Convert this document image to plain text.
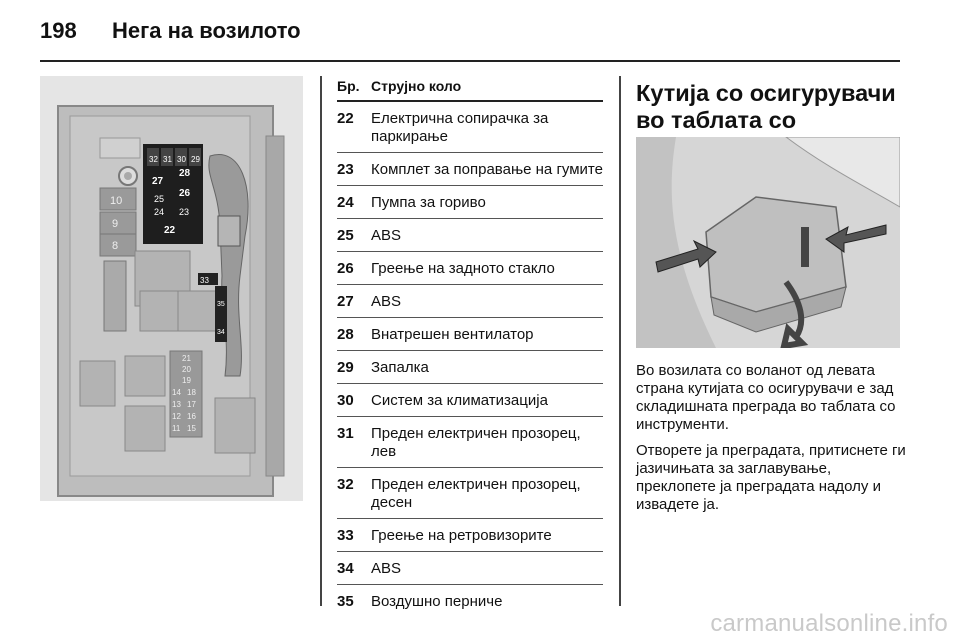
198	Нега на возилото
10
9
8
32 31 30 29
27
28
26
25
24 23
22
33
35
34
21
20
19
18
17
16
15
14
13
12
11
Бр. Струјно коло
22	Електрична сопирачка за паркирање
23	Комплет за поправање на гумите
24	Пумпа за гориво
25	ABS
26	Греење на задното стакло
27	ABS
28	Внатрешен вентилатор
29	Запалка
30	Систем за климатизација
31	Преден електричен прозорец, лев
32	Преден електричен прозорец, десен
33	Греење на ретровизорите
34	ABS
35	Воздушно перниче
Кутија со осигурувачи во таблата со

Во возилата со воланот од левата страна кутијата со осигурувачи е зад складишната преграда во таблата со инструменти.

Отворете ја преградата, притиснете ги јазичињата за заглавување, преклопете ја преградата надолу и извадете ја.

carmanualsonline.info
